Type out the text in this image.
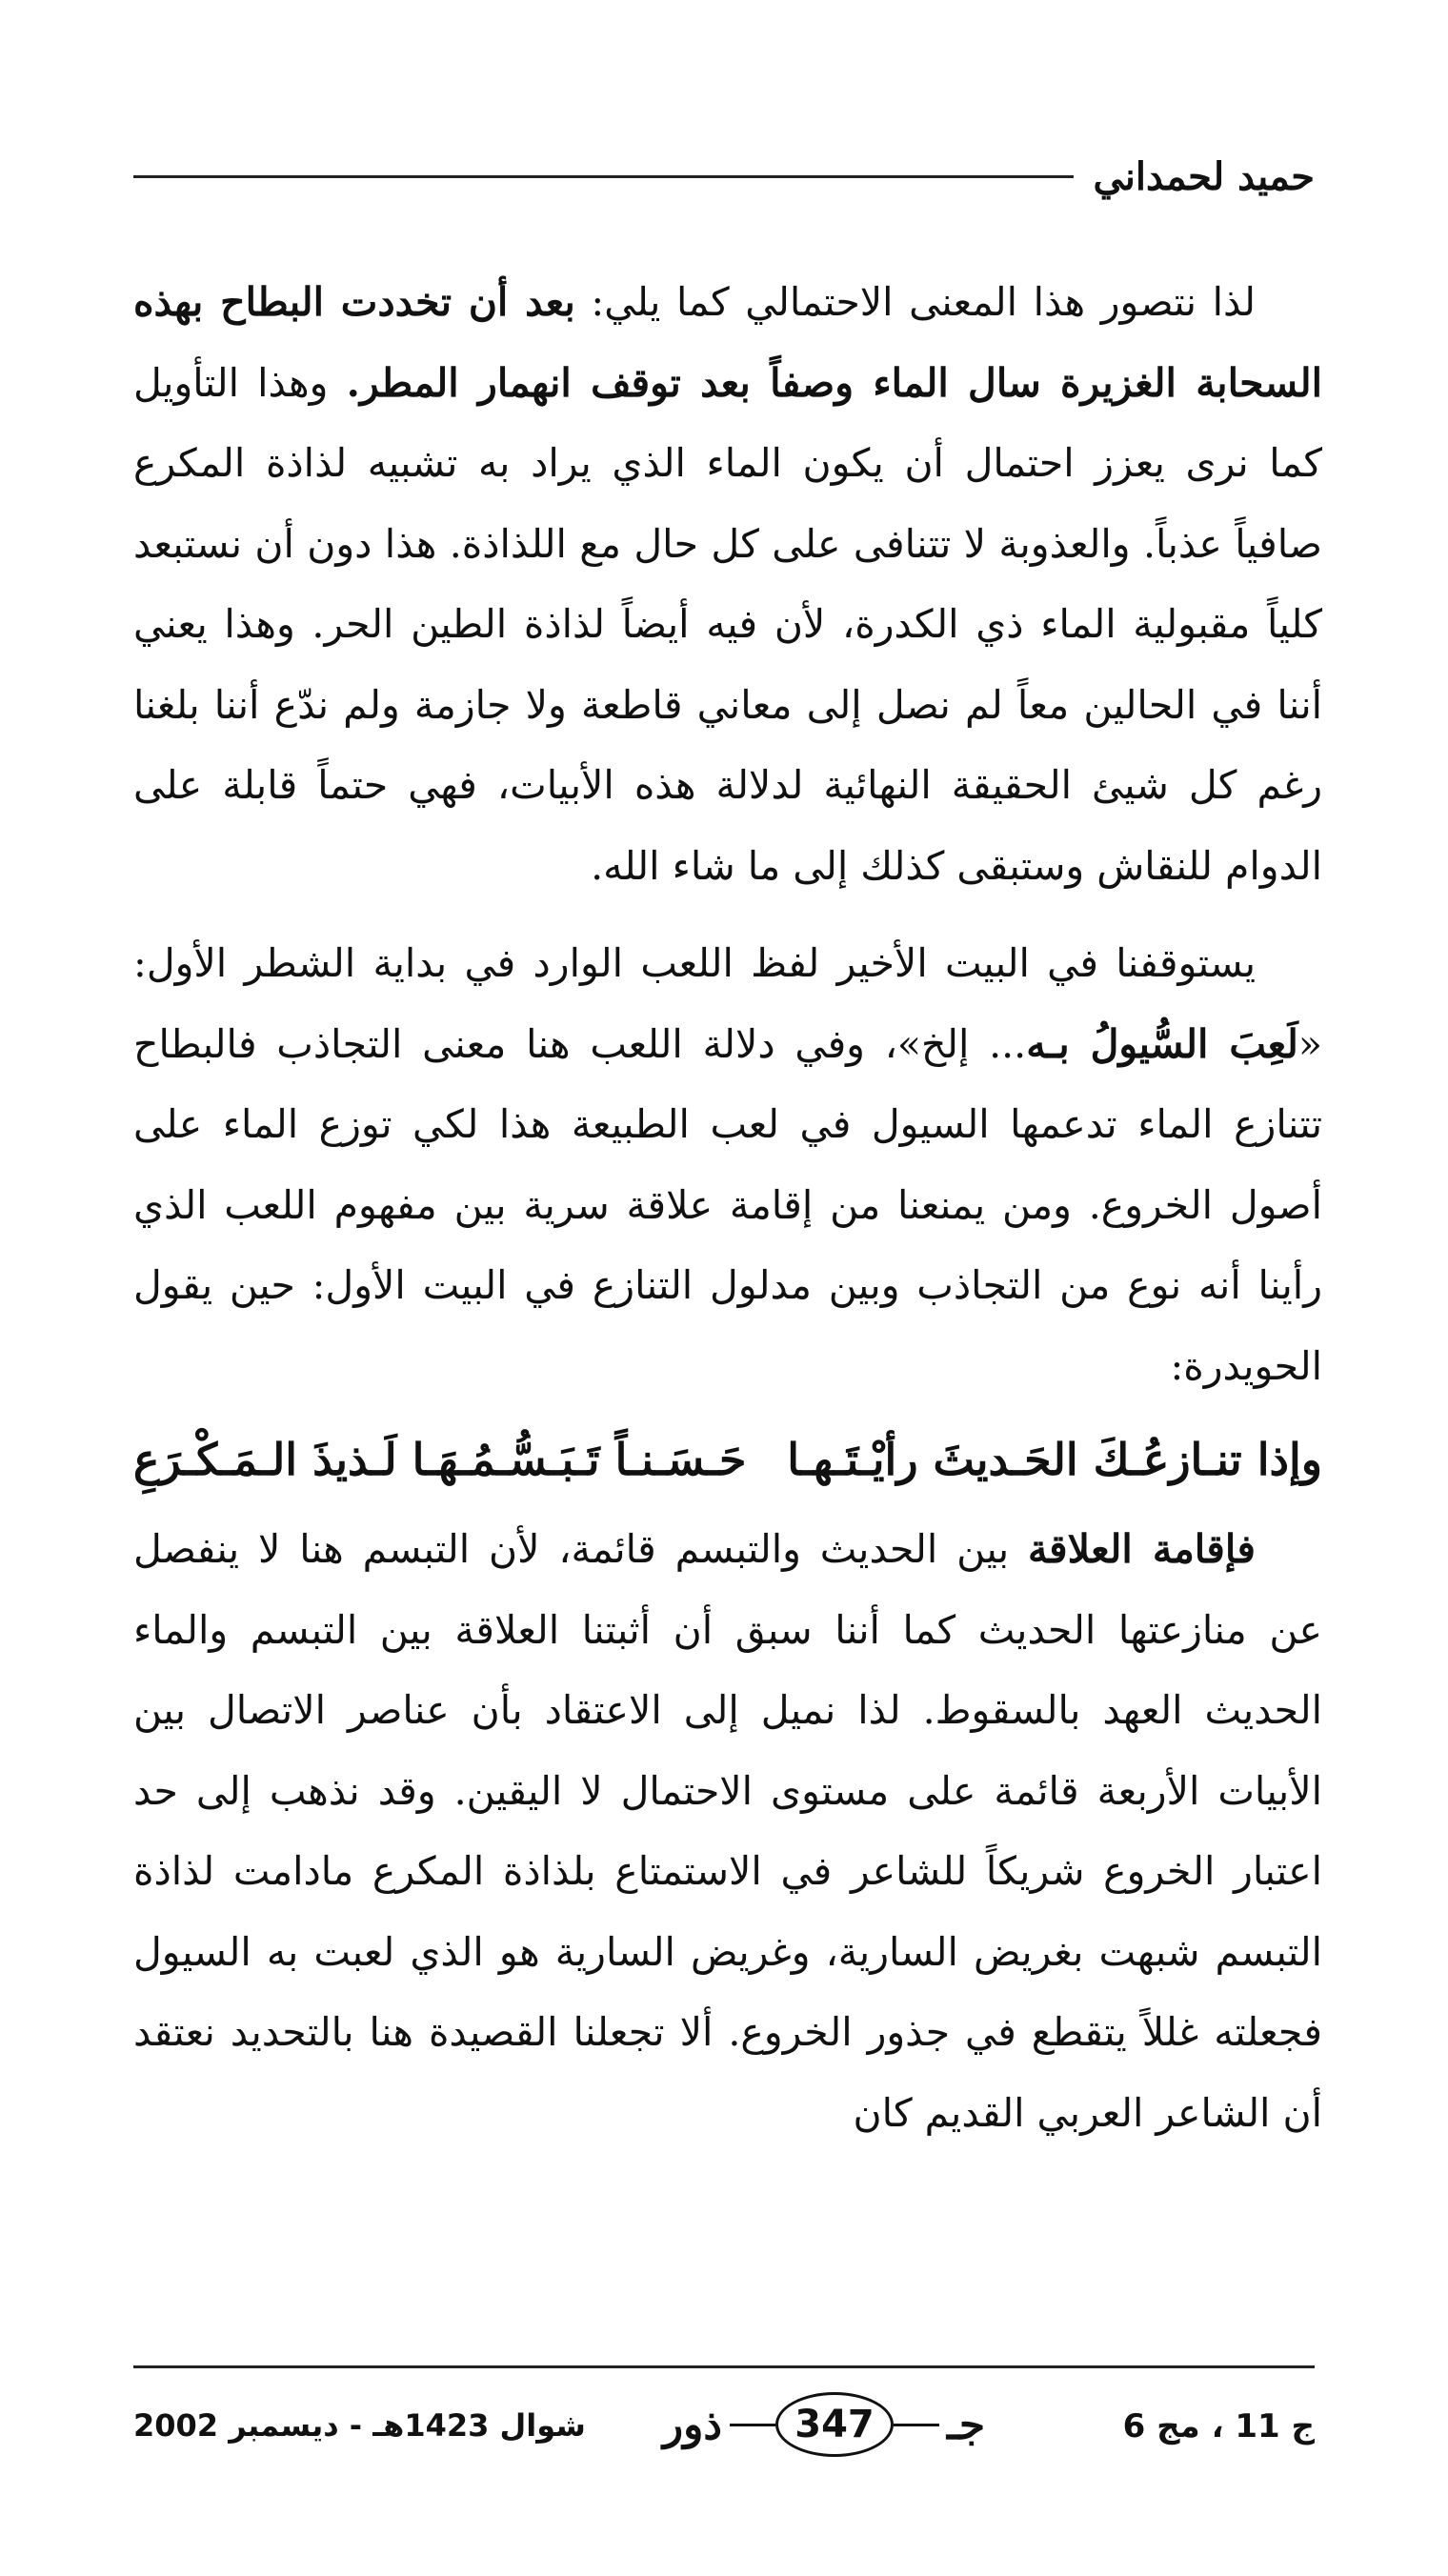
حميد لحمداني

لذا نتصور هذا المعنى الاحتمالي كما يلي: بعد أن تخددت البطاح بهذه السحابة الغزيرة سال الماء وصفاً بعد توقف انهمار المطر. وهذا التأويل كما نرى يعزز احتمال أن يكون الماء الذي يراد به تشبيه لذاذة المكرع صافياً عذباً. والعذوبة لا تتنافى على كل حال مع اللذاذة. هذا دون أن نستبعد كلياً مقبولية الماء ذي الكدرة، لأن فيه أيضاً لذاذة الطين الحر. وهذا يعني أننا في الحالين معاً لم نصل إلى معاني قاطعة ولا جازمة ولم ندّع أننا بلغنا رغم كل شيئ الحقيقة النهائية لدلالة هذه الأبيات، فهي حتماً قابلة على الدوام للنقاش وستبقى كذلك إلى ما شاء الله.

يستوقفنا في البيت الأخير لفظ اللعب الوارد في بداية الشطر الأول: «لَعِبَ السُّيولُ بـه... إلخ»، وفي دلالة اللعب هنا معنى التجاذب فالبطاح تتنازع الماء تدعمها السيول في لعب الطبيعة هذا لكي توزع الماء على أصول الخروع. ومن يمنعنا من إقامة علاقة سرية بين مفهوم اللعب الذي رأينا أنه نوع من التجاذب وبين مدلول التنازع في البيت الأول: حين يقول الحويدرة:

وإذا تنـازعُـكَ الحَـديثَ رأيْـتَـهـا
حَـسَـنـاً تَـبَـسُّـمُـهَـا لَـذيذَ الـمَـكْـرَعِ

فإقامة العلاقة بين الحديث والتبسم قائمة، لأن التبسم هنا لا ينفصل عن منازعتها الحديث كما أننا سبق أن أثبتنا العلاقة بين التبسم والماء الحديث العهد بالسقوط. لذا نميل إلى الاعتقاد بأن عناصر الاتصال بين الأبيات الأربعة قائمة على مستوى الاحتمال لا اليقين. وقد نذهب إلى حد اعتبار الخروع شريكاً للشاعر في الاستمتاع بلذاذة المكرع مادامت لذاذة التبسم شبهت بغريض السارية، وغريض السارية هو الذي لعبت به السيول فجعلته غللاً يتقطع في جذور الخروع. ألا تجعلنا القصيدة هنا بالتحديد نعتقد أن الشاعر العربي القديم كان

ج 11 ، مج 6
ذور	347	جـ
شوال 1423هـ - ديسمبر 2002
